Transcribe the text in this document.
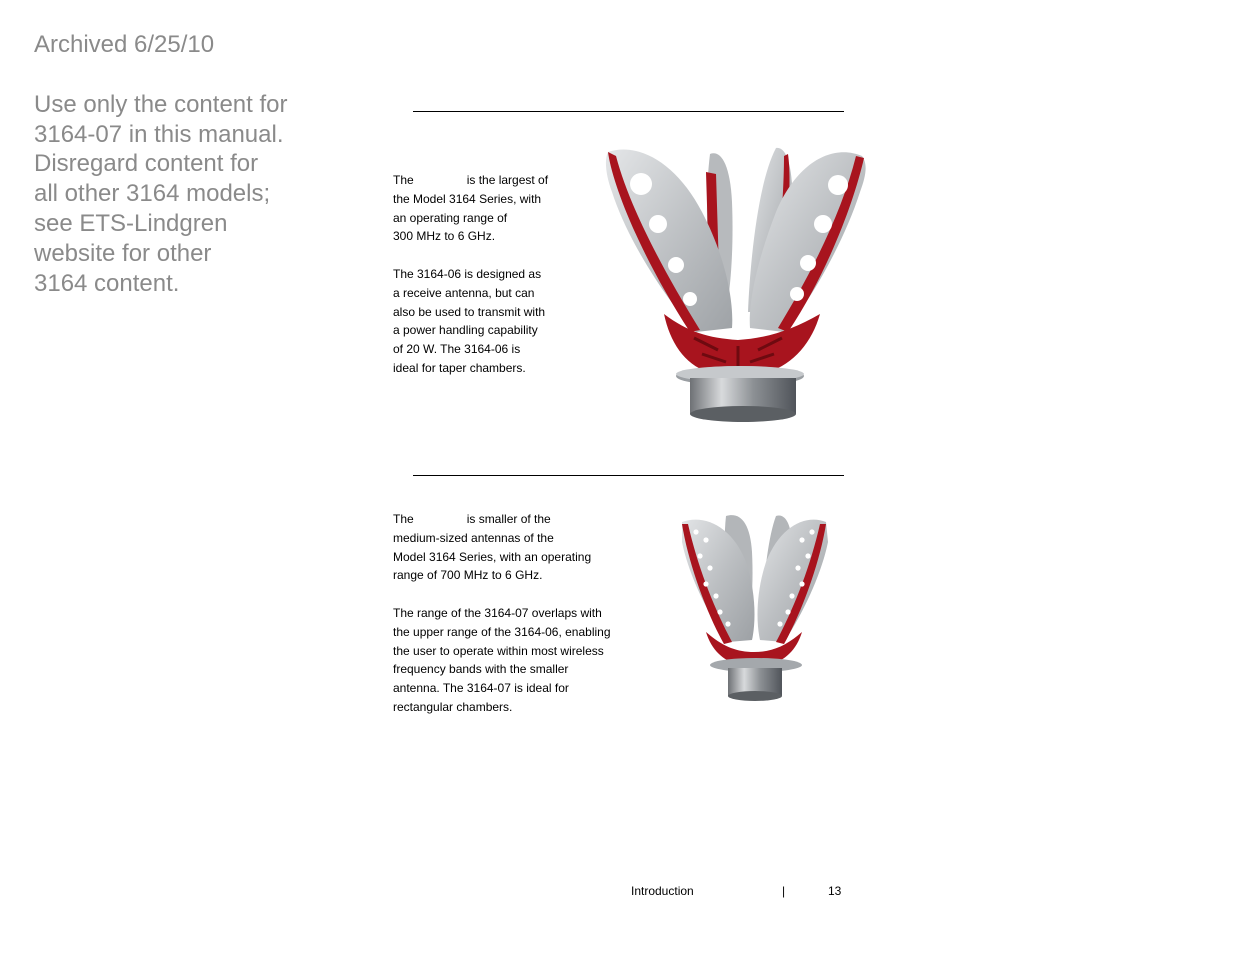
Archived 6/25/10
Use only the content for
3164-07 in this manual.
Disregard content for
all other 3164 models;
see ETS-Lindgren
website for other
3164 content.
The	is the largest of
the Model 3164 Series, with
an operating range of
300 MHz to 6 GHz.
The 3164-06 is designed as
a receive antenna, but can
also be used to transmit with
a power handling capability
of 20 W. The 3164-06 is
ideal for taper chambers.
The	is smaller of the
medium-sized antennas of the
Model 3164 Series, with an operating
range of 700 MHz to 6 GHz.
The range of the 3164-07 overlaps with
the upper range of the 3164-06, enabling
the user to operate within most wireless
frequency bands with the smaller
antenna. The 3164-07 is ideal for
rectangular chambers.
Introduction	|	13
